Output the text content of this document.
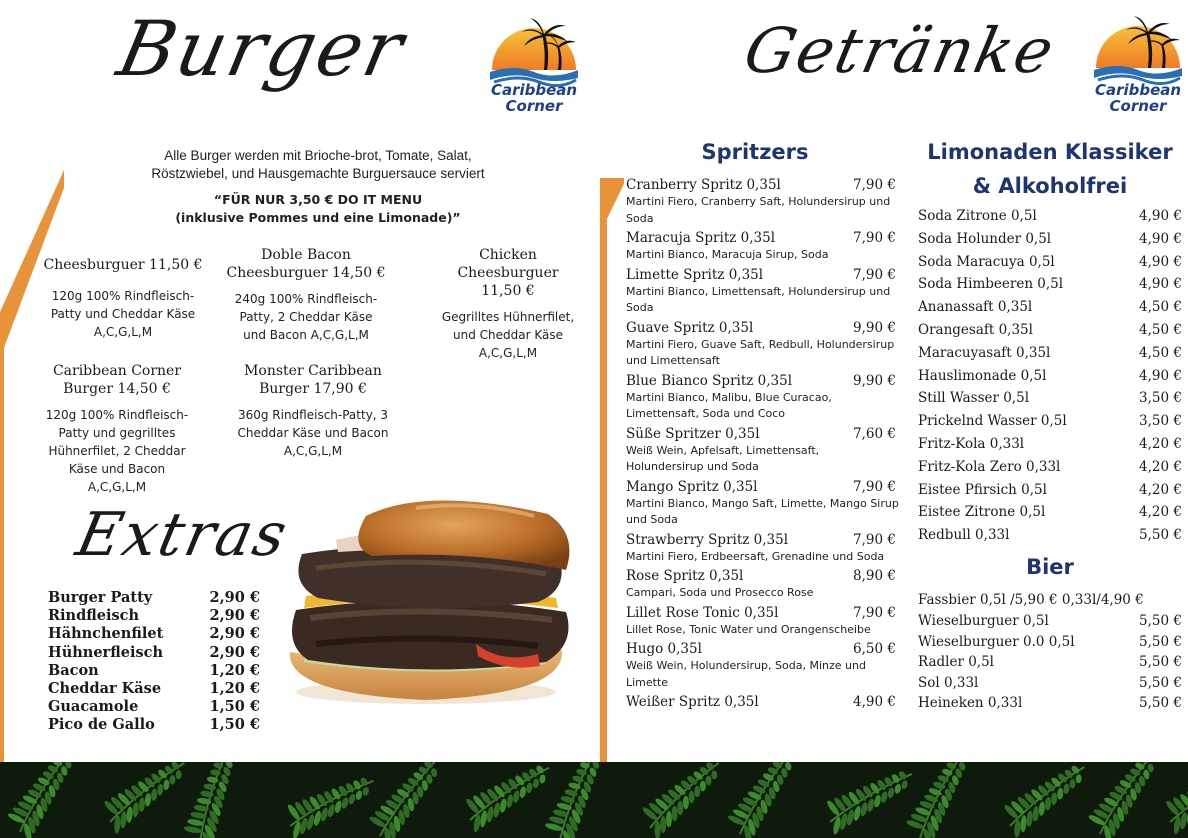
Burger	Caribbean
Corner
Alle Burger werden mit Brioche-brot, Tomate, Salat,
Röstzwiebel, und Hausgemachte Burguersauce serviert
“FÜR NUR 3,50 € DO IT MENU
(inklusive Pommes und eine Limonade)”
Cheesburguer 11,50 €
120g 100% Rindfleisch-Patty und Cheddar Käse A,C,G,L,M
Doble Bacon Cheesburguer 14,50 €
240g 100% Rindfleisch-Patty, 2 Cheddar Käse und Bacon A,C,G,L,M
Chicken Cheesburguer 11,50 €
Gegrilltes Hühnerfilet, und Cheddar Käse A,C,G,L,M
Caribbean Corner Burger 14,50 €
120g 100% Rindfleisch-Patty und gegrilltes Hühnerfilet, 2 Cheddar Käse und Bacon A,C,G,L,M
Monster Caribbean Burger 17,90 €
360g Rindfleisch-Patty, 3 Cheddar Käse und Bacon A,C,G,L,M
Extras
Burger Patty	2,90 €
Rindfleisch	2,90 €
Hähnchenfilet	2,90 €
Hühnerfleisch	2,90 €
Bacon	1,20 €
Cheddar Käse	1,20 €
Guacamole	1,50 €
Pico de Gallo	1,50 €
Getränke
Caribbean
Corner
Spritzers	Limonaden Klassiker
& Alkoholfrei
Bier
Cranberry Spritz 0,35l	7,90 €
Martini Fiero, Cranberry Saft, Holundersirup und Soda
Maracuja Spritz 0,35l	7,90 €
Martini Bianco, Maracuja Sirup, Soda
Limette Spritz 0,35l	7,90 €
Martini Bianco, Limettensaft, Holundersirup und Soda
Guave Spritz 0,35l	9,90 €
Martini Fiero, Guave Saft, Redbull, Holundersirup und Limettensaft
Blue Bianco Spritz 0,35l	9,90 €
Martini Bianco, Malibu, Blue Curacao, Limettensaft, Soda und Coco
Süße Spritzer 0,35l	7,60 €
Weiß Wein, Apfelsaft, Limettensaft, Holundersirup und Soda
Mango Spritz 0,35l	7,90 €
Martini Bianco, Mango Saft, Limette, Mango Sirup und Soda
Strawberry Spritz 0,35l	7,90 €
Martini Fiero, Erdbeersaft, Grenadine und Soda
Rose Spritz 0,35l	8,90 €
Campari, Soda und Prosecco Rose
Lillet Rose Tonic 0,35l	7,90 €
Lillet Rose, Tonic Water und Orangenscheibe
Hugo 0,35l	6,50 €
Weiß Wein, Holundersirup, Soda, Minze und Limette
Weißer Spritz 0,35l	4,90 €
Soda Zitrone 0,5l	4,90 €
Soda Holunder 0,5l	4,90 €
Soda Maracuya 0,5l	4,90 €
Soda Himbeeren 0,5l	4,90 €
Ananassaft 0,35l	4,50 €
Orangesaft 0,35l	4,50 €
Maracuyasaft 0,35l	4,50 €
Hauslimonade 0,5l	4,90 €
Still Wasser 0,5l	3,50 €
Prickelnd Wasser 0,5l	3,50 €
Fritz-Kola 0,33l	4,20 €
Fritz-Kola Zero 0,33l	4,20 €
Eistee Pfirsich 0,5l	4,20 €
Eistee Zitrone 0,5l	4,20 €
Redbull 0,33l	5,50 €
Fassbier 0,5l /5,90 € 0,33l/4,90 €
Wieselburguer 0,5l	5,50 €
Wieselburguer 0.0 0,5l	5,50 €
Radler 0,5l	5,50 €
Sol 0,33l	5,50 €
Heineken 0,33l	5,50 €
